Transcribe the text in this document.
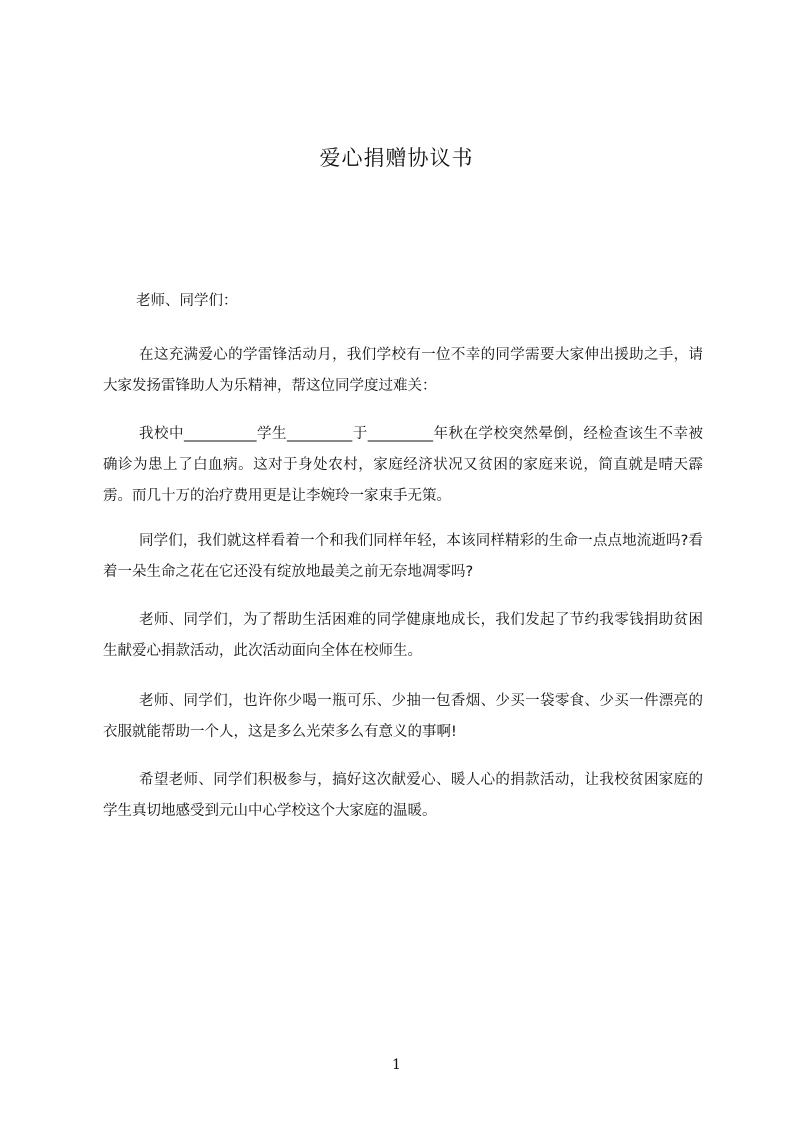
爱心捐赠协议书
老师、同学们：
在这充满爱心的学雷锋活动月，我们学校有一位不幸的同学需要大家伸出援助之手，请大家发扬雷锋助人为乐精神，帮这位同学度过难关：
我校中__________学生_________于_________年秋在学校突然晕倒，经检查该生不幸被确诊为患上了白血病。这对于身处农村，家庭经济状况又贫困的家庭来说，简直就是晴天霹雳。而几十万的治疗费用更是让李婉玲一家束手无策。
同学们，我们就这样看着一个和我们同样年轻，本该同样精彩的生命一点点地流逝吗?看着一朵生命之花在它还没有绽放地最美之前无奈地凋零吗?
老师、同学们，为了帮助生活困难的同学健康地成长，我们发起了节约我零钱捐助贫困生献爱心捐款活动，此次活动面向全体在校师生。
老师、同学们，也许你少喝一瓶可乐、少抽一包香烟、少买一袋零食、少买一件漂亮的衣服就能帮助一个人，这是多么光荣多么有意义的事啊!
希望老师、同学们积极参与，搞好这次献爱心、暖人心的捐款活动，让我校贫困家庭的学生真切地感受到元山中心学校这个大家庭的温暖。
1
